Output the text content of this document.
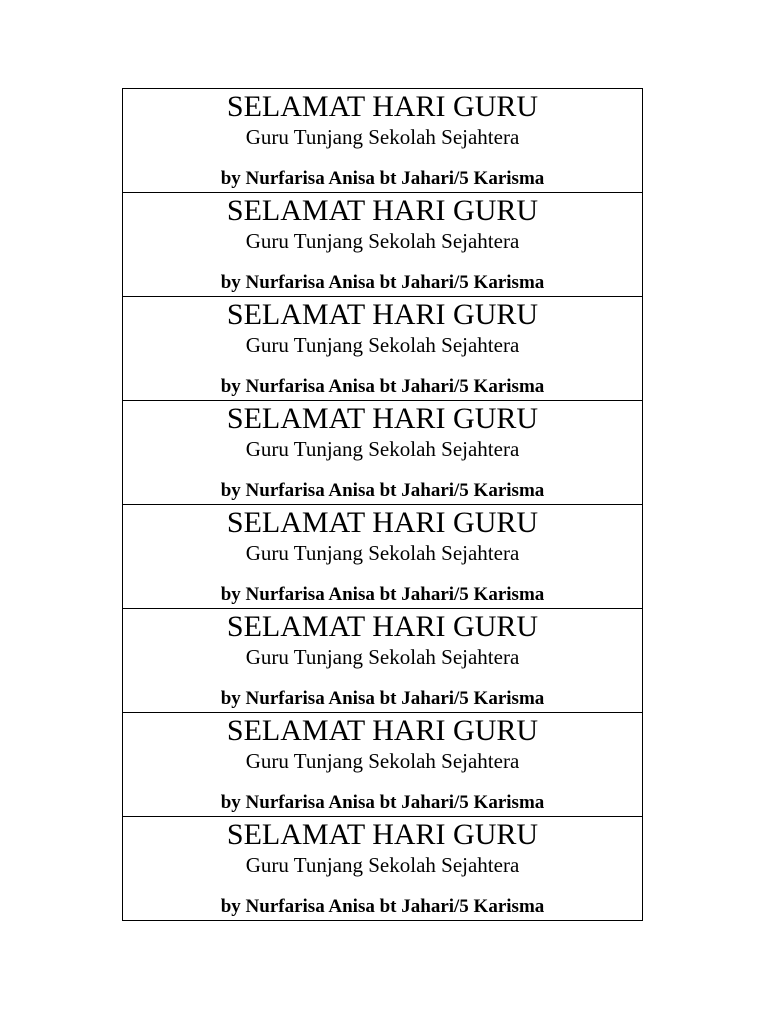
SELAMAT HARI GURU
Guru Tunjang Sekolah Sejahtera
by Nurfarisa Anisa bt Jahari/5 Karisma
SELAMAT HARI GURU
Guru Tunjang Sekolah Sejahtera
by Nurfarisa Anisa bt Jahari/5 Karisma
SELAMAT HARI GURU
Guru Tunjang Sekolah Sejahtera
by Nurfarisa Anisa bt Jahari/5 Karisma
SELAMAT HARI GURU
Guru Tunjang Sekolah Sejahtera
by Nurfarisa Anisa bt Jahari/5 Karisma
SELAMAT HARI GURU
Guru Tunjang Sekolah Sejahtera
by Nurfarisa Anisa bt Jahari/5 Karisma
SELAMAT HARI GURU
Guru Tunjang Sekolah Sejahtera
by Nurfarisa Anisa bt Jahari/5 Karisma
SELAMAT HARI GURU
Guru Tunjang Sekolah Sejahtera
by Nurfarisa Anisa bt Jahari/5 Karisma
SELAMAT HARI GURU
Guru Tunjang Sekolah Sejahtera
by Nurfarisa Anisa bt Jahari/5 Karisma
